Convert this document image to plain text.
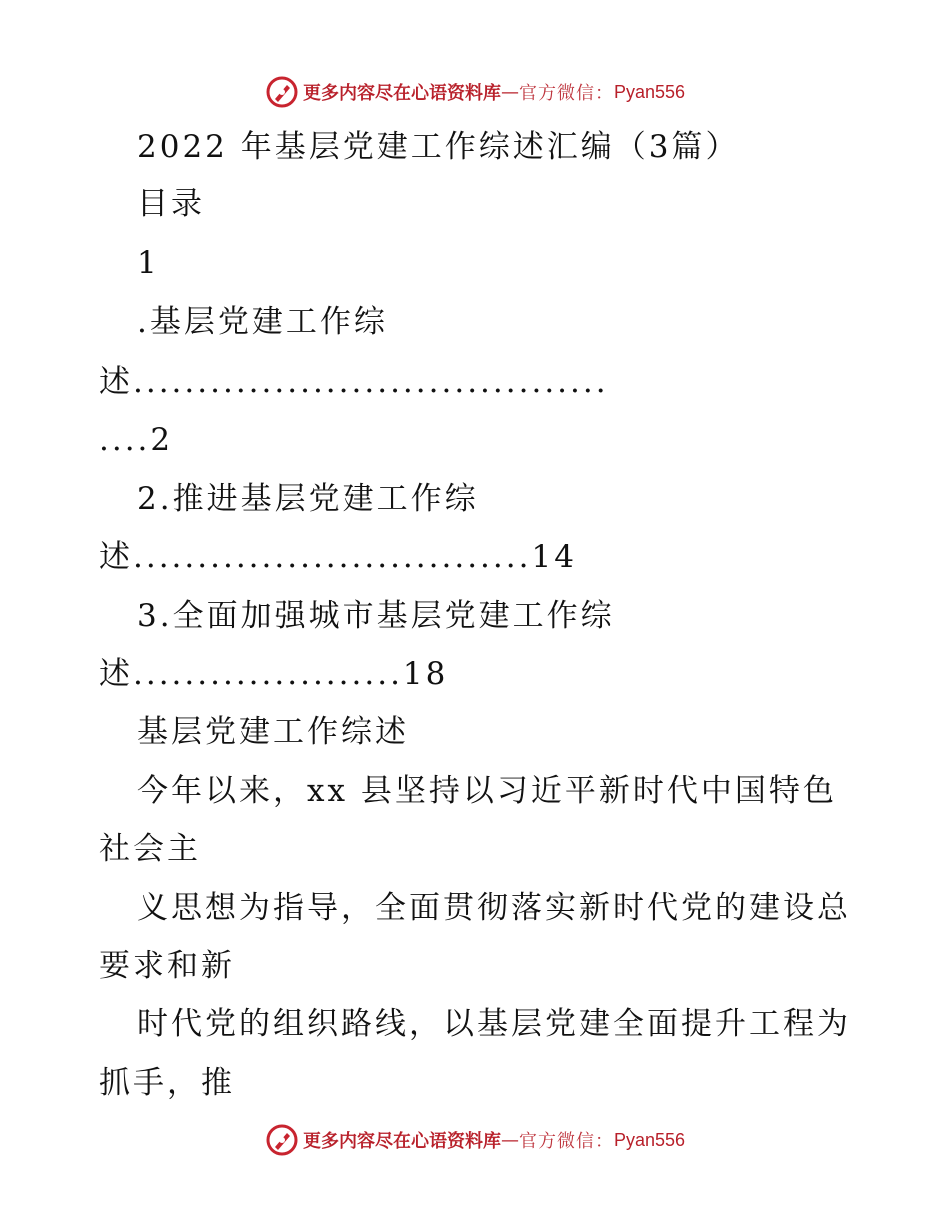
更多内容尽在心语资料库 — 官方微信： Pyan556

2022 年基层党建工作综述汇编（3篇）

目录

1

.基层党建工作综

述.....................................

....2

2.推进基层党建工作综

述...............................14

3.全面加强城市基层党建工作综

述.....................18

基层党建工作综述

今年以来，xx 县坚持以习近平新时代中国特色

社会主

义思想为指导，全面贯彻落实新时代党的建设总

要求和新

时代党的组织路线，以基层党建全面提升工程为

抓手，推

更多内容尽在心语资料库 — 官方微信： Pyan556
